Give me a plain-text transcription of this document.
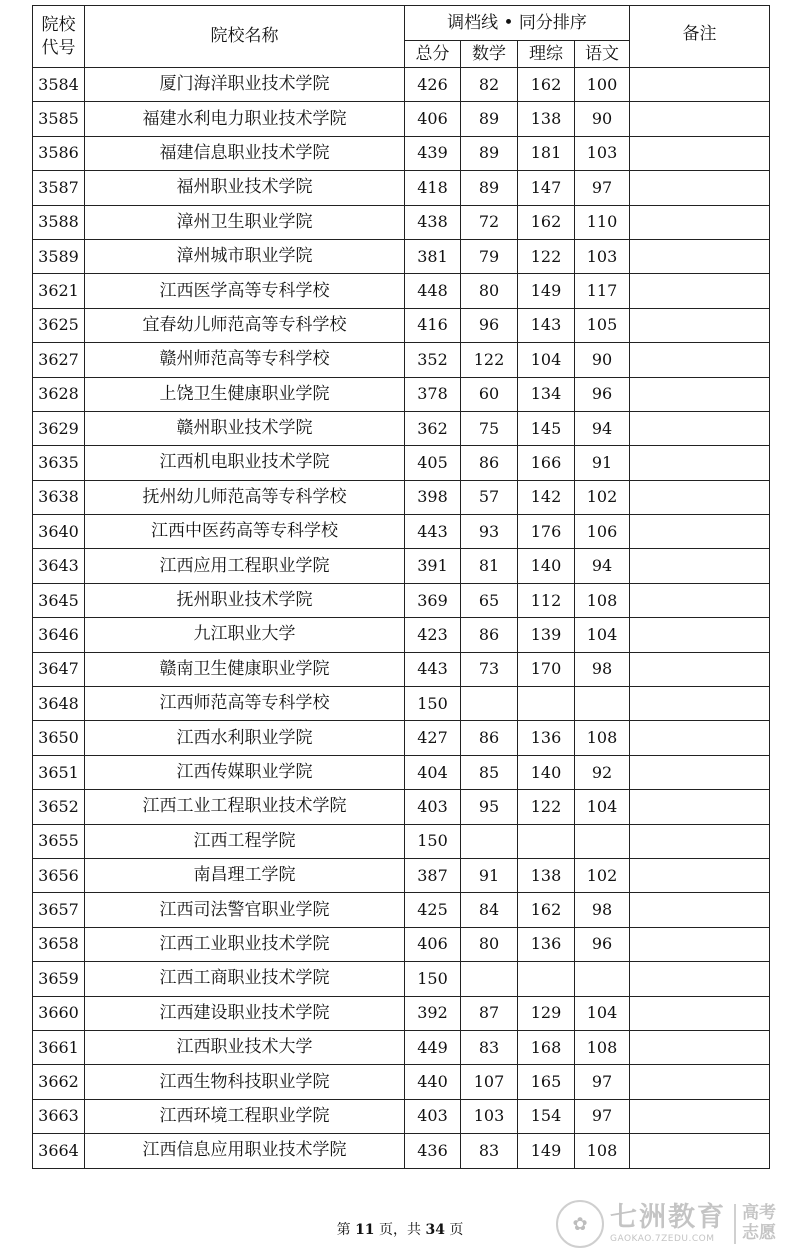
院校
代号	院校名称	调档线 • 同分排序				备注
		总分	数学	理综	语文	
3584	厦门海洋职业技术学院	426	82	162	100	
3585	福建水利电力职业技术学院	406	89	138	90	
3586	福建信息职业技术学院	439	89	181	103	
3587	福州职业技术学院	418	89	147	97	
3588	漳州卫生职业学院	438	72	162	110	
3589	漳州城市职业学院	381	79	122	103	
3621	江西医学高等专科学校	448	80	149	117	
3625	宜春幼儿师范高等专科学校	416	96	143	105	
3627	赣州师范高等专科学校	352	122	104	90	
3628	上饶卫生健康职业学院	378	60	134	96	
3629	赣州职业技术学院	362	75	145	94	
3635	江西机电职业技术学院	405	86	166	91	
3638	抚州幼儿师范高等专科学校	398	57	142	102	
3640	江西中医药高等专科学校	443	93	176	106	
3643	江西应用工程职业学院	391	81	140	94	
3645	抚州职业技术学院	369	65	112	108	
3646	九江职业大学	423	86	139	104	
3647	赣南卫生健康职业学院	443	73	170	98	
3648	江西师范高等专科学校	150				
3650	江西水利职业学院	427	86	136	108	
3651	江西传媒职业学院	404	85	140	92	
3652	江西工业工程职业技术学院	403	95	122	104	
3655	江西工程学院	150				
3656	南昌理工学院	387	91	138	102	
3657	江西司法警官职业学院	425	84	162	98	
3658	江西工业职业技术学院	406	80	136	96	
3659	江西工商职业技术学院	150				
3660	江西建设职业技术学院	392	87	129	104	
3661	江西职业技术大学	449	83	168	108	
3662	江西生物科技职业学院	440	107	165	97	
3663	江西环境工程职业学院	403	103	154	97	
3664	江西信息应用职业技术学院	436	83	149	108	
第 11 页，共 34 页	✿ 七洲教育
GAOKAO.7ZEDU.COM
高考
志愿
